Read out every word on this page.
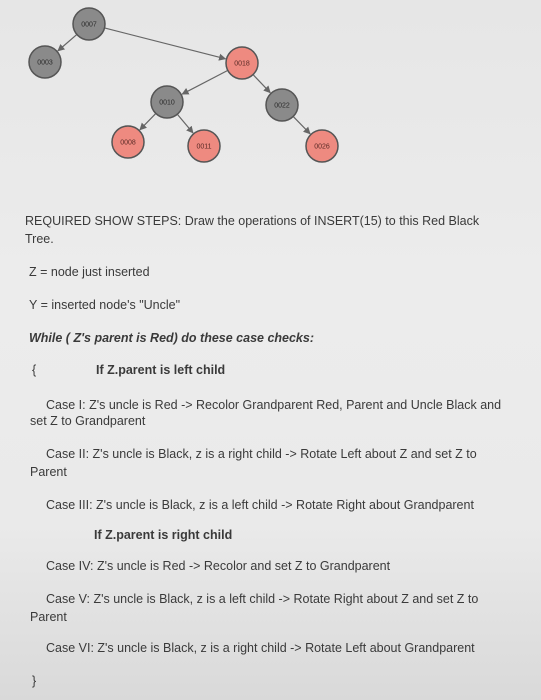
0007
0003	0018
0010	0022
0008
0011	0026
REQUIRED SHOW STEPS: Draw the operations of INSERT(15) to this Red Black
Tree.
Z = node just inserted
Y = inserted node's "Uncle"
While ( Z's parent is Red) do these case checks:
{	If Z.parent is left child
Case I: Z's uncle is Red -> Recolor Grandparent Red, Parent and Uncle Black and
set Z to Grandparent
Case II: Z's uncle is Black, z is a right child -> Rotate Left about Z and set Z to
Parent
Case III: Z's uncle is Black, z is a left child -> Rotate Right about Grandparent
If Z.parent is right child
Case IV: Z's uncle is Red -> Recolor and set Z to Grandparent
Case V: Z's uncle is Black, z is a left child -> Rotate Right about Z and set Z to
Parent
Case VI: Z's uncle is Black, z is a right child -> Rotate Left about Grandparent
}
